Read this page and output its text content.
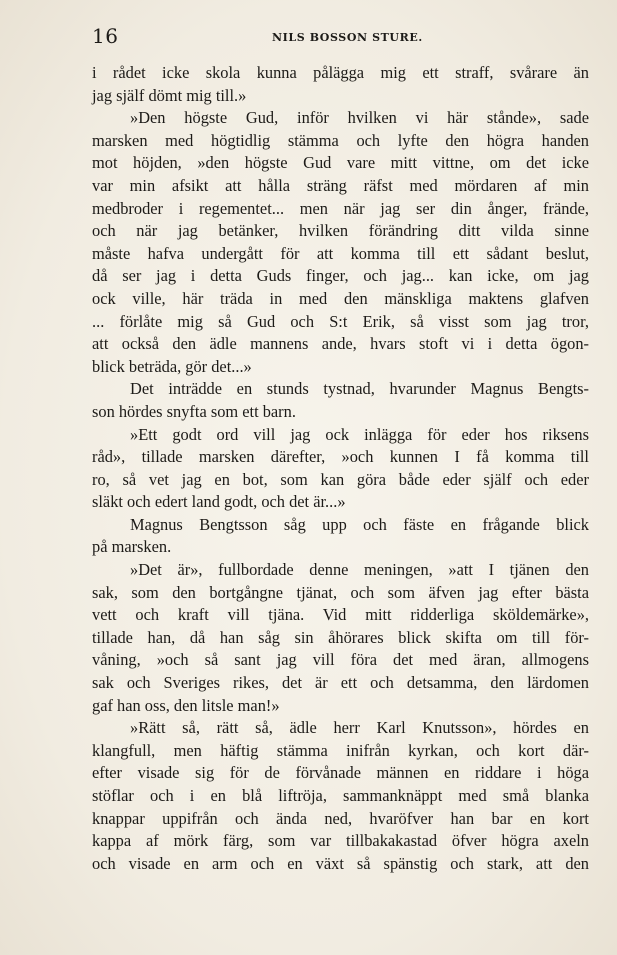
16	NILS BOSSON STURE.
i rådet icke skola kunna pålägga mig ett straff, svårare än
jag själf dömt mig till.»
»Den högste Gud, inför hvilken vi här stånde», sade
marsken med högtidlig stämma och lyfte den högra handen
mot höjden, »den högste Gud vare mitt vittne, om det icke
var min afsikt att hålla sträng räfst med mördaren af min
medbroder i regementet... men när jag ser din ånger, frände,
och när jag betänker, hvilken förändring ditt vilda sinne
måste hafva undergått för att komma till ett sådant beslut,
då ser jag i detta Guds finger, och jag... kan icke, om jag
ock ville, här träda in med den mänskliga maktens glafven
... förlåte mig så Gud och S:t Erik, så visst som jag tror,
att också den ädle mannens ande, hvars stoft vi i detta ögon-
blick beträda, gör det...»
Det inträdde en stunds tystnad, hvarunder Magnus Bengts-
son hördes snyfta som ett barn.
»Ett godt ord vill jag ock inlägga för eder hos riksens
råd», tillade marsken därefter, »och kunnen I få komma till
ro, så vet jag en bot, som kan göra både eder själf och eder
släkt och edert land godt, och det är...»
Magnus Bengtsson såg upp och fäste en frågande blick
på marsken.
»Det är», fullbordade denne meningen, »att I tjänen den
sak, som den bortgångne tjänat, och som äfven jag efter bästa
vett och kraft vill tjäna. Vid mitt ridderliga sköldemärke»,
tillade han, då han såg sin åhörares blick skifta om till för-
våning, »och så sant jag vill föra det med äran, allmogens
sak och Sveriges rikes, det är ett och detsamma, den lärdomen
gaf han oss, den litsle man!»
»Rätt så, rätt så, ädle herr Karl Knutsson», hördes en
klangfull, men häftig stämma inifrån kyrkan, och kort där-
efter visade sig för de förvånade männen en riddare i höga
stöflar och i en blå liftröja, sammanknäppt med små blanka
knappar uppifrån och ända ned, hvaröfver han bar en kort
kappa af mörk färg, som var tillbakakastad öfver högra axeln
och visade en arm och en växt så spänstig och stark, att den
